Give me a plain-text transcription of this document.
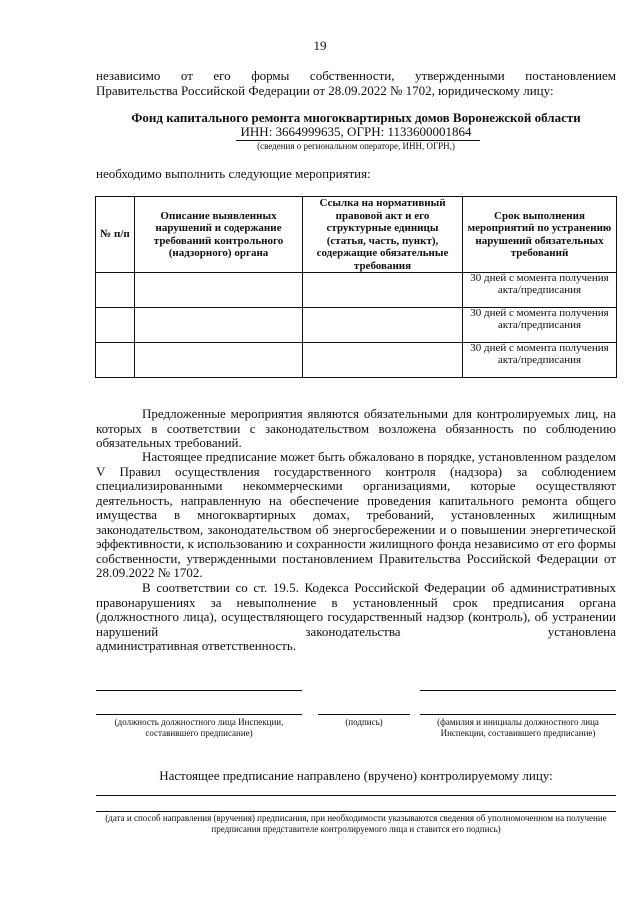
19
независимо от его формы собственности, утвержденными постановлением
Правительства Российской Федерации от 28.09.2022 № 1702, юридическому лицу:
Фонд капитального ремонта многоквартирных домов Воронежской области
ИНН: 3664999635, ОГРН: 1133600001864
(сведения о региональном операторе, ИНН, ОГРН,)
необходимо выполнить следующие мероприятия:
№ п/п	Описание выявленных нарушений и содержание требований контрольного (надзорного) органа	Ссылка на нормативный правовой акт и его структурные единицы (статья, часть, пункт), содержащие обязательные требования	Срок выполнения мероприятий по устранению нарушений обязательных требований
			30 дней с момента получения акта/предписания
			30 дней с момента получения акта/предписания
			30 дней с момента получения акта/предписания
Предложенные мероприятия являются обязательными для контролируемых лиц, на которых в соответствии с законодательством возложена обязанность по соблюдению обязательных требований.
Настоящее предписание может быть обжаловано в порядке, установленном разделом V Правил осуществления государственного контроля (надзора) за соблюдением специализированными некоммерческими организациями, которые осуществляют деятельность, направленную на обеспечение проведения капитального ремонта общего имущества в многоквартирных домах, требований, установленных жилищным законодательством, законодательством об энергосбережении и о повышении энергетической эффективности, к использованию и сохранности жилищного фонда независимо от его формы собственности, утвержденными постановлением Правительства Российской Федерации от 28.09.2022 № 1702.
В соответствии со ст. 19.5. Кодекса Российской Федерации об административных правонарушениях за невыполнение в установленный срок предписания органа (должностного лица), осуществляющего государственный надзор (контроль), об устранении нарушений законодательства установлена
административная ответственность.
(должность должностного лица Инспекции, составившего предписание)
(подпись)	(фамилия и инициалы должностного лица Инспекции, составившего предписание)
Настоящее предписание направлено (вручено) контролируемому лицу:
(дата и способ направления (вручения) предписания, при необходимости указываются сведения об уполномоченном на получение предписания представителе контролируемого лица и ставится его подпись)
